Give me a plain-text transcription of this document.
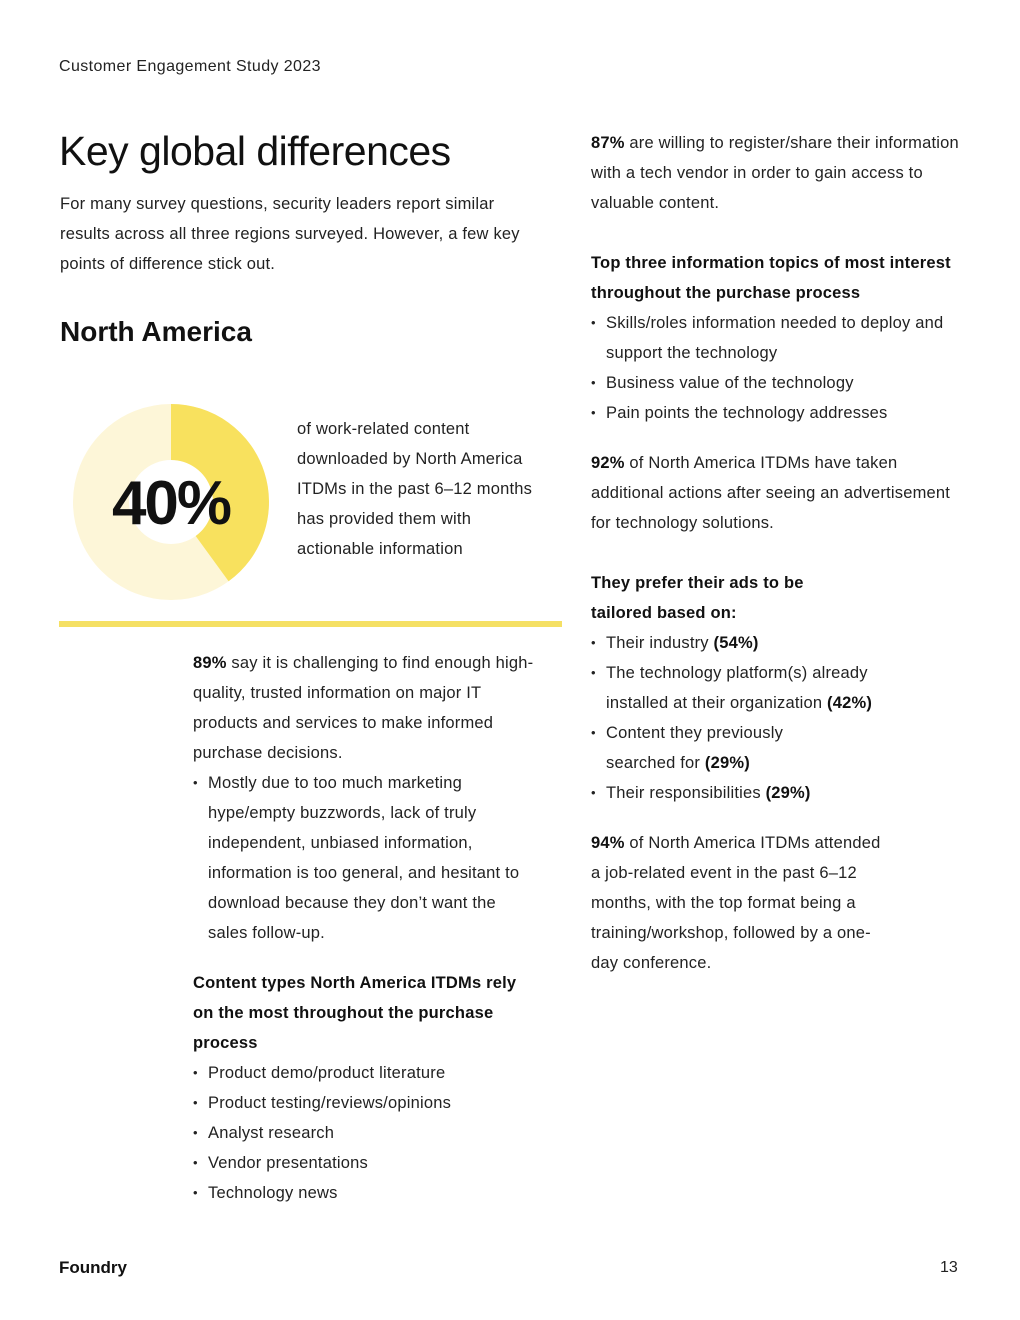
Customer Engagement Study 2023
Key global differences

For many survey questions, security leaders report similar results across all three regions surveyed. However, a few key points of difference stick out.

North America
40%

of work-related content downloaded by North America ITDMs in the past 6–12 months has provided them with actionable information

89% say it is challenging to find enough high-quality, trusted information on major IT products and services to make informed purchase decisions.

• Mostly due to too much marketing hype/empty buzzwords, lack of truly independent, unbiased information, information is too general, and hesitant to download because they don’t want the sales follow-up.

Content types North America ITDMs rely on the most throughout the purchase process

• Product demo/product literature
• Product testing/reviews/opinions
• Analyst research
• Vendor presentations
• Technology news

87% are willing to register/share their information with a tech vendor in order to gain access to valuable content.

Top three information topics of most interest throughout the purchase process

• Skills/roles information needed to deploy and support the technology
• Business value of the technology
• Pain points the technology addresses

92% of North America ITDMs have taken additional actions after seeing an advertisement for technology solutions.

They prefer their ads to be tailored based on:

• Their industry (54%)
• The technology platform(s) already installed at their organization (42%)
• Content they previously searched for (29%)
• Their responsibilities (29%)

94% of North America ITDMs attended a job-related event in the past 6–12 months, with the top format being a training/workshop, followed by a one-day conference.

Foundry	13
